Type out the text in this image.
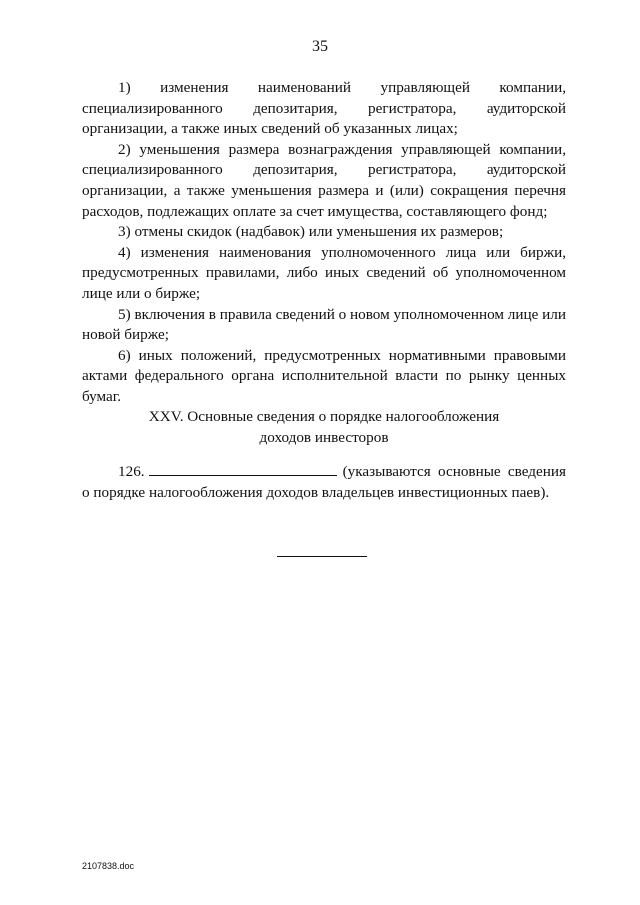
35

1) изменения наименований управляющей компании, специализированного депозитария, регистратора, аудиторской организации, а также иных сведений об указанных лицах;

2) уменьшения размера вознаграждения управляющей компании, специализированного депозитария, регистратора, аудиторской организации, а также уменьшения размера и (или) сокращения перечня расходов, подлежащих оплате за счет имущества, составляющего фонд;

3) отмены скидок (надбавок) или уменьшения их размеров;

4) изменения наименования уполномоченного лица или биржи, предусмотренных правилами, либо иных сведений об уполномоченном лице или о бирже;

5) включения в правила сведений о новом уполномоченном лице или новой бирже;

6) иных положений, предусмотренных нормативными правовыми актами федерального органа исполнительной власти по рынку ценных бумаг.

XXV. Основные сведения о порядке налогообложения
доходов инвесторов

126.	(указываются основные сведения о порядке налогообложения доходов владельцев инвестиционных паев).

2107838.doc
